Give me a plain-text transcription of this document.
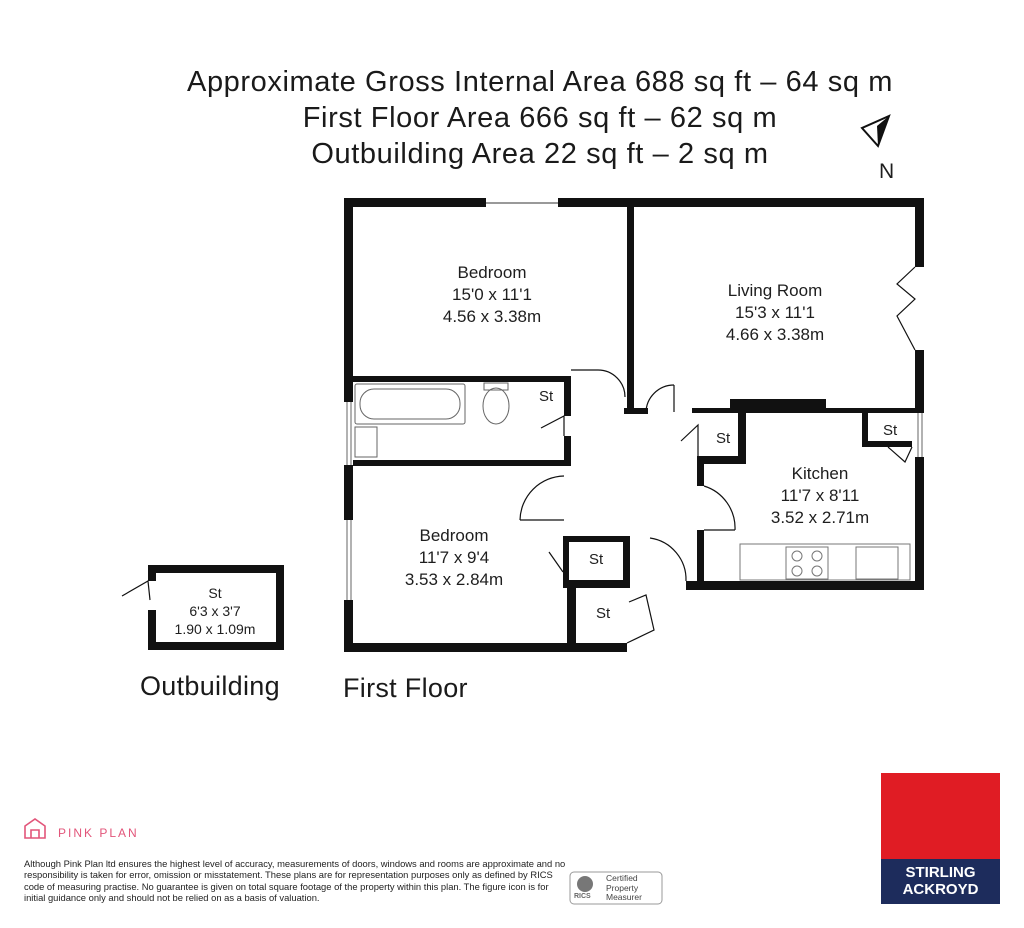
Approximate Gross Internal Area 688 sq ft – 64 sq m
First Floor Area 666 sq ft – 62 sq m
Outbuilding Area 22 sq ft – 2 sq m
Bedroom
15'0 x 11'1
4.56 x 3.38m
Living Room
15'3 x 11'1
4.66 x 3.38m
Kitchen
11'7 x 8'11
3.52 x 2.71m
Bedroom
11'7 x 9'4
3.53 x 2.84m
St
6'3 x 3'7
1.90 x 1.09m
St
St	St
St
St
N
Outbuilding First Floor
PINK PLAN
Although Pink Plan ltd ensures the highest level of accuracy, measurements of doors, windows and rooms are approximate and no responsibility is taken for error, omission or misstatement. These plans are for representation purposes only as defined by RICS code of measuring practise. No guarantee is given on total square footage of the property within this plan. The figure icon is for initial guidance only and should not be relied on as a basis of valuation.	RICS
Certified
Property
Measurer
STIRLING
ACKROYD
